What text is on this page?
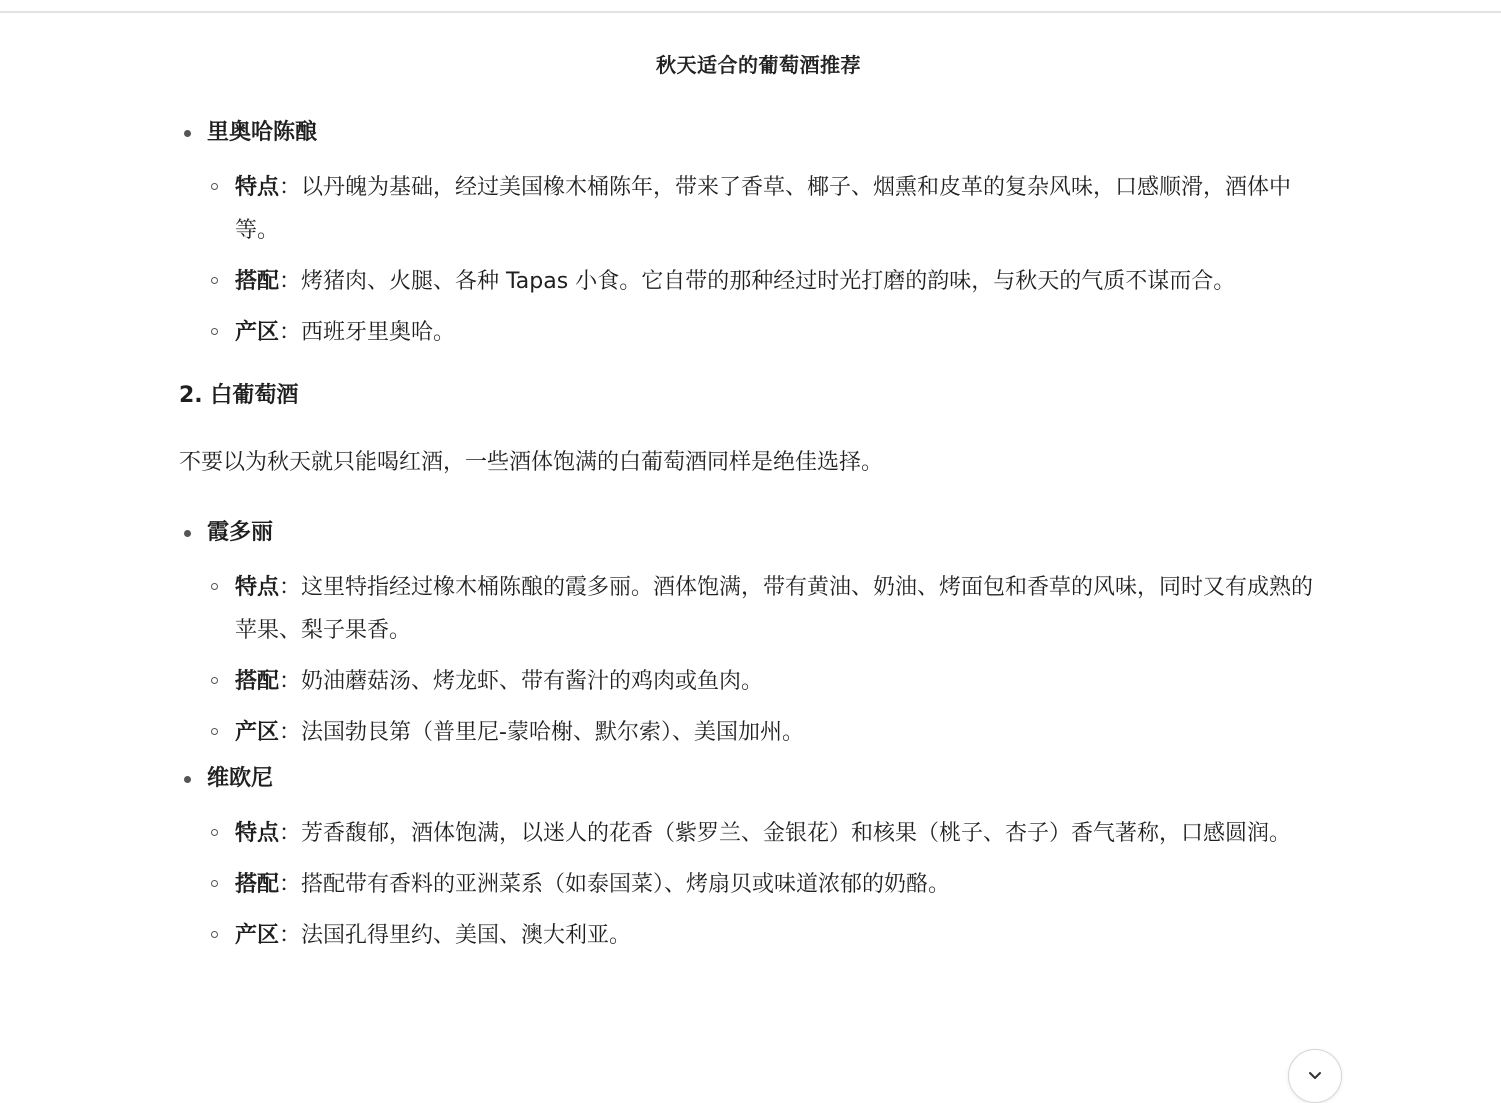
秋天适合的葡萄酒推荐
里奥哈陈酿
特点：以丹魄为基础，经过美国橡木桶陈年，带来了香草、椰子、烟熏和皮革的复杂风味，口感顺滑，酒体中等。
搭配：烤猪肉、火腿、各种 Tapas 小食。它自带的那种经过时光打磨的韵味，与秋天的气质不谋而合。
产区：西班牙里奥哈。
2. 白葡萄酒
不要以为秋天就只能喝红酒，一些酒体饱满的白葡萄酒同样是绝佳选择。
霞多丽
特点：这里特指经过橡木桶陈酿的霞多丽。酒体饱满，带有黄油、奶油、烤面包和香草的风味，同时又有成熟的苹果、梨子果香。
搭配：奶油蘑菇汤、烤龙虾、带有酱汁的鸡肉或鱼肉。
产区：法国勃艮第（普里尼-蒙哈榭、默尔索）、美国加州。
维欧尼
特点：芳香馥郁，酒体饱满，以迷人的花香（紫罗兰、金银花）和核果（桃子、杏子）香气著称，口感圆润。
搭配：搭配带有香料的亚洲菜系（如泰国菜）、烤扇贝或味道浓郁的奶酪。
产区：法国孔得里约、美国、澳大利亚。
